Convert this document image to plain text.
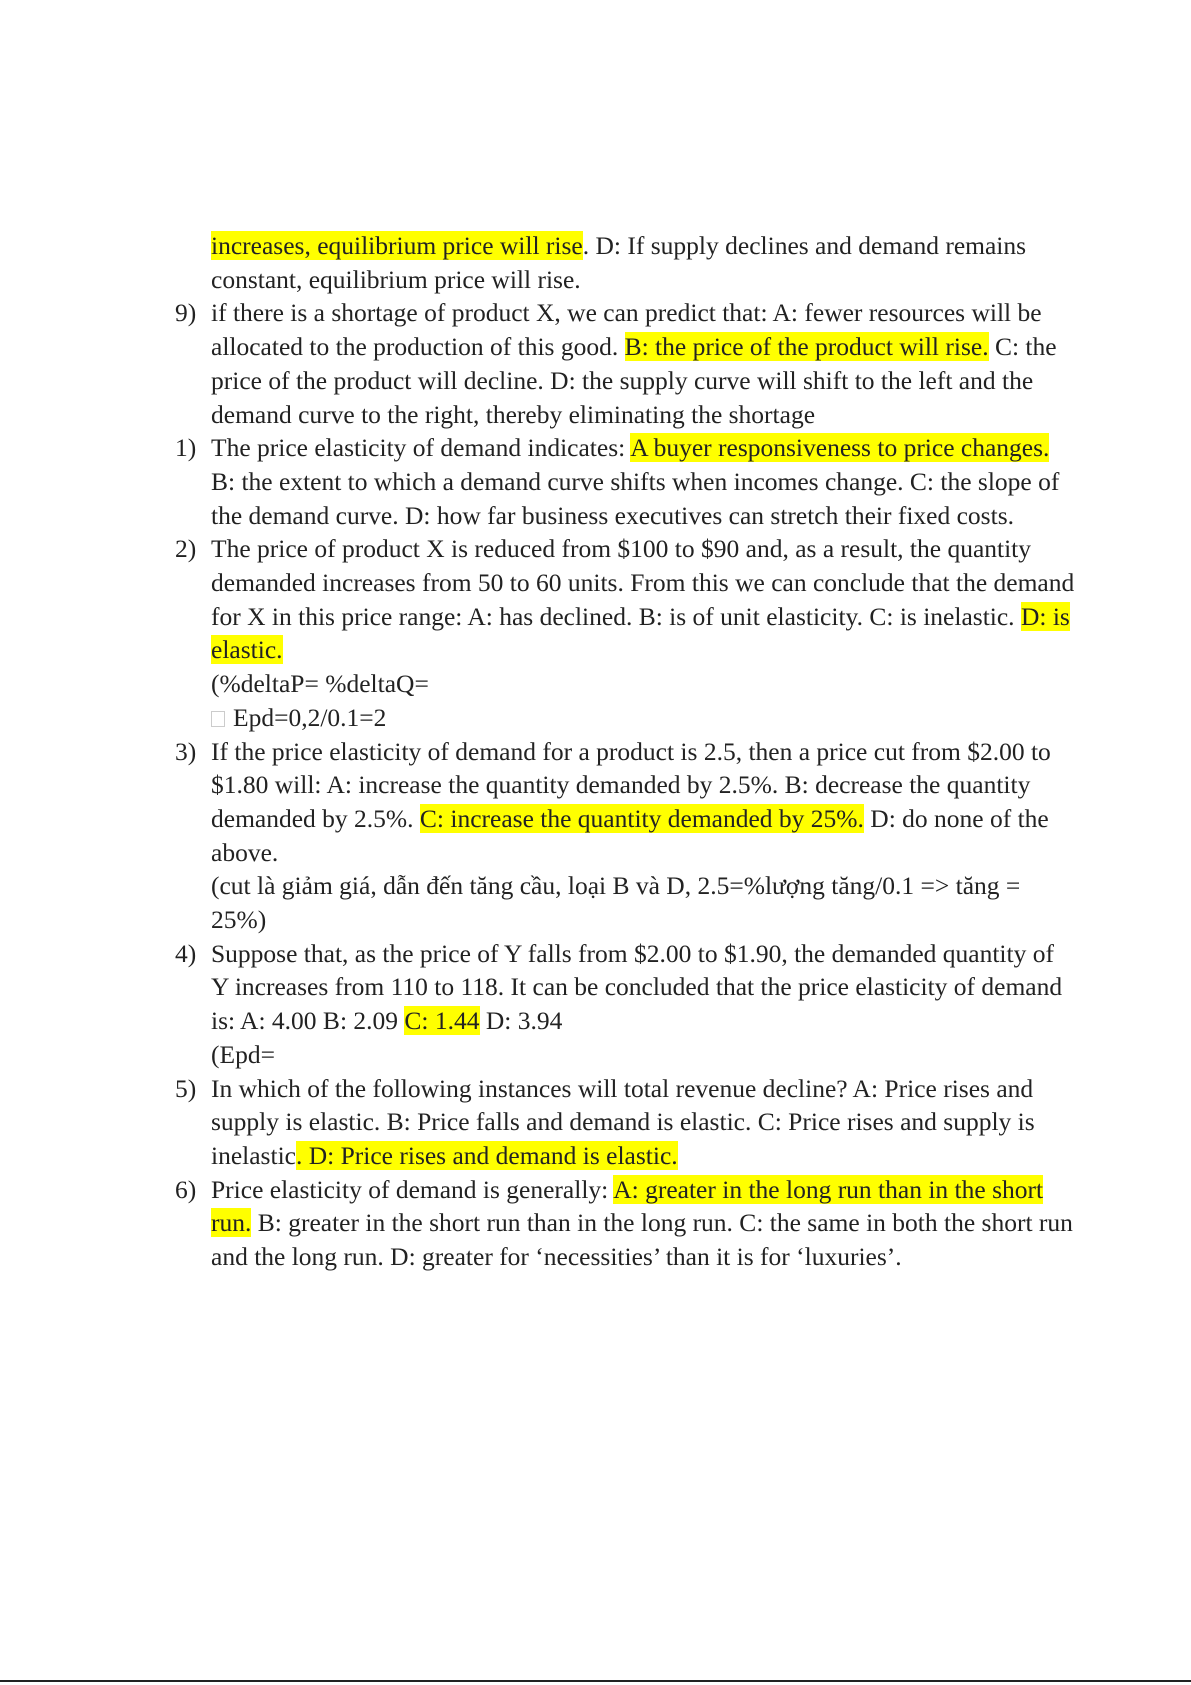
increases, equilibrium price will rise. D: If supply declines and demand remains constant, equilibrium price will rise.
9) if there is a shortage of product X, we can predict that: A: fewer resources will be allocated to the production of this good. B: the price of the product will rise. C: the price of the product will decline. D: the supply curve will shift to the left and the demand curve to the right, thereby eliminating the shortage
1) The price elasticity of demand indicates: A buyer responsiveness to price changes. B: the extent to which a demand curve shifts when incomes change. C: the slope of the demand curve. D: how far business executives can stretch their fixed costs.
2) The price of product X is reduced from $100 to $90 and, as a result, the quantity demanded increases from 50 to 60 units. From this we can conclude that the demand for X in this price range: A: has declined. B: is of unit elasticity. C: is inelastic. D: is elastic.
(%deltaP= %deltaQ=
Epd=0,2/0.1=2
3) If the price elasticity of demand for a product is 2.5, then a price cut from $2.00 to $1.80 will: A: increase the quantity demanded by 2.5%. B: decrease the quantity demanded by 2.5%. C: increase the quantity demanded by 25%. D: do none of the above.
(cut là giảm giá, dẫn đến tăng cầu, loại B và D, 2.5=%lượng tăng/0.1 => tăng = 25%)
4) Suppose that, as the price of Y falls from $2.00 to $1.90, the demanded quantity of Y increases from 110 to 118. It can be concluded that the price elasticity of demand is: A: 4.00 B: 2.09 C: 1.44 D: 3.94
(Epd=
5) In which of the following instances will total revenue decline? A: Price rises and supply is elastic. B: Price falls and demand is elastic. C: Price rises and supply is inelastic. D: Price rises and demand is elastic.
6) Price elasticity of demand is generally: A: greater in the long run than in the short run. B: greater in the short run than in the long run. C: the same in both the short run and the long run. D: greater for ‘necessities’ than it is for ‘luxuries’.
